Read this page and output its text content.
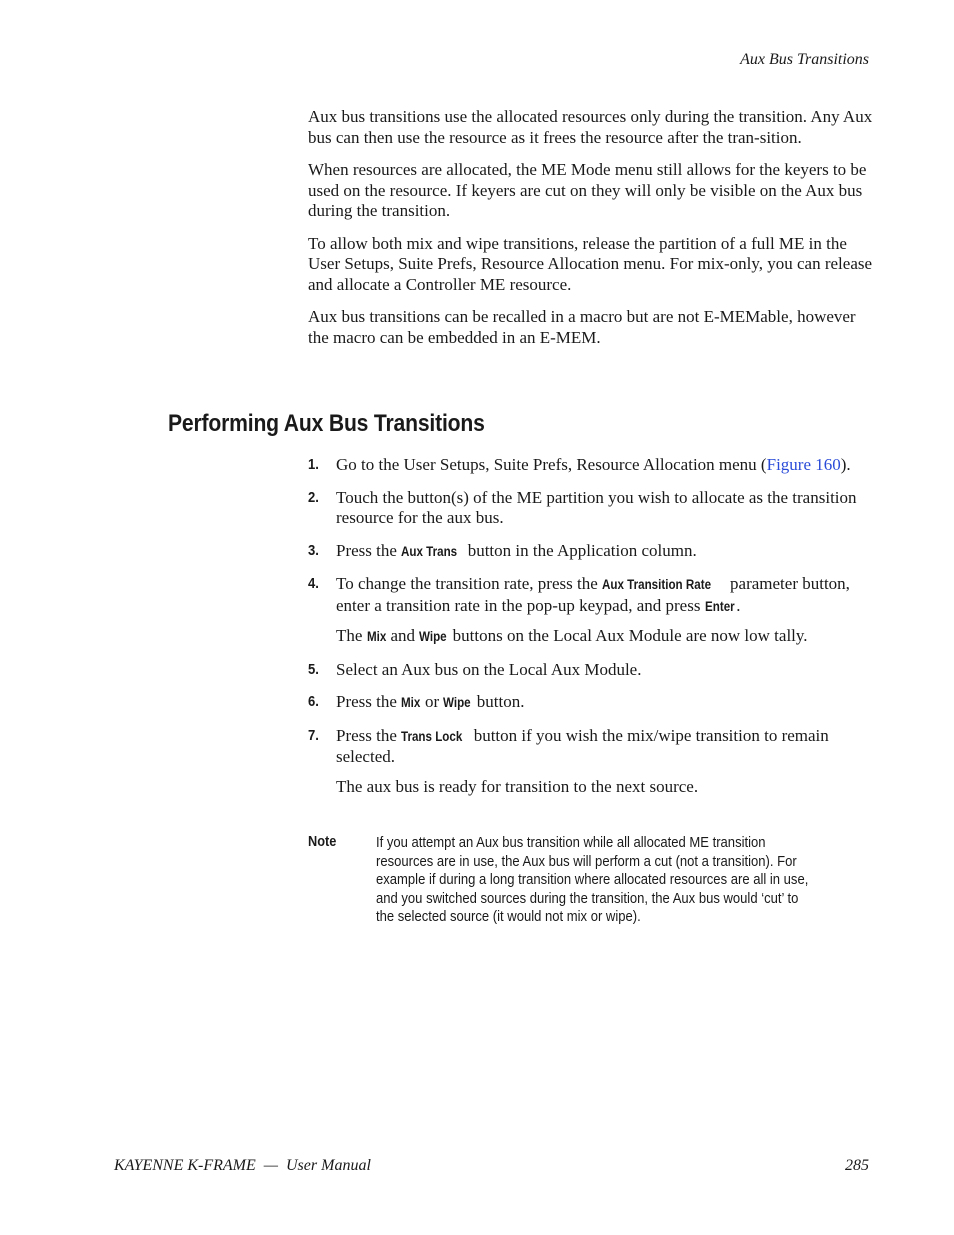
Aux Bus Transitions

Aux bus transitions use the allocated resources only during the transition. Any Aux bus can then use the resource as it frees the resource after the tran-sition.

When resources are allocated, the ME Mode menu still allows for the keyers to be used on the resource. If keyers are cut on they will only be visible on the Aux bus during the transition.

To allow both mix and wipe transitions, release the partition of a full ME in the User Setups, Suite Prefs, Resource Allocation menu. For mix-only, you can release and allocate a Controller ME resource.

Aux bus transitions can be recalled in a macro but are not E-MEMable, however the macro can be embedded in an E-MEM.

Performing Aux Bus Transitions
1. Go to the User Setups, Suite Prefs, Resource Allocation menu (Figure 160).
2. Touch the button(s) of the ME partition you wish to allocate as the transition resource for the aux bus.
3. Press the Aux Trans button in the Application column.
4. To change the transition rate, press the Aux Transition Rate parameter button, enter a transition rate in the pop-up keypad, and press Enter .
The Mix and Wipe buttons on the Local Aux Module are now low tally.
5. Select an Aux bus on the Local Aux Module.
6. Press the Mix or Wipe button.
7. Press the Trans Lock button if you wish the mix/wipe transition to remain selected.
The aux bus is ready for transition to the next source.
Note	If you attempt an Aux bus transition while all allocated ME transition
resources are in use, the Aux bus will perform a cut (not a transition). For
example if during a long transition where allocated resources are all in use,
and you switched sources during the transition, the Aux bus would ‘cut’ to
the selected source (it would not mix or wipe).
KAYENNE K-FRAME  —  User Manual	285
